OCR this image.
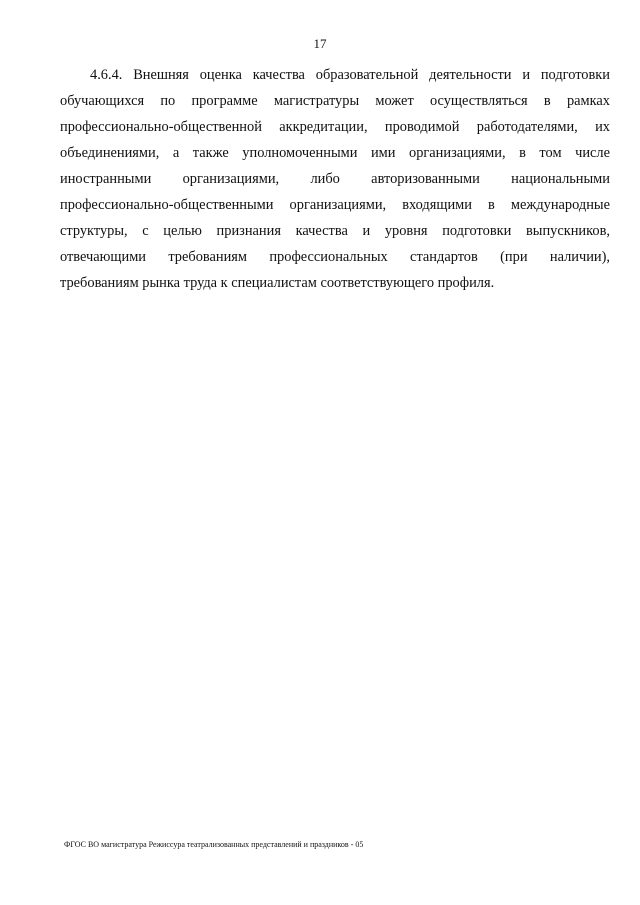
17
4.6.4. Внешняя оценка качества образовательной деятельности и подготовки
обучающихся по программе магистратуры может осуществляться в рамках
профессионально-общественной аккредитации, проводимой работодателями, их
объединениями, а также уполномоченными ими организациями, в том числе
иностранными организациями, либо авторизованными национальными
профессионально-общественными организациями, входящими в международные
структуры, с целью признания качества и уровня подготовки выпускников,
отвечающими требованиям профессиональных стандартов (при наличии),
требованиям рынка труда к специалистам соответствующего профиля.
ФГОС ВО магистратура Режиссура театрализованных представлений и праздников - 05
